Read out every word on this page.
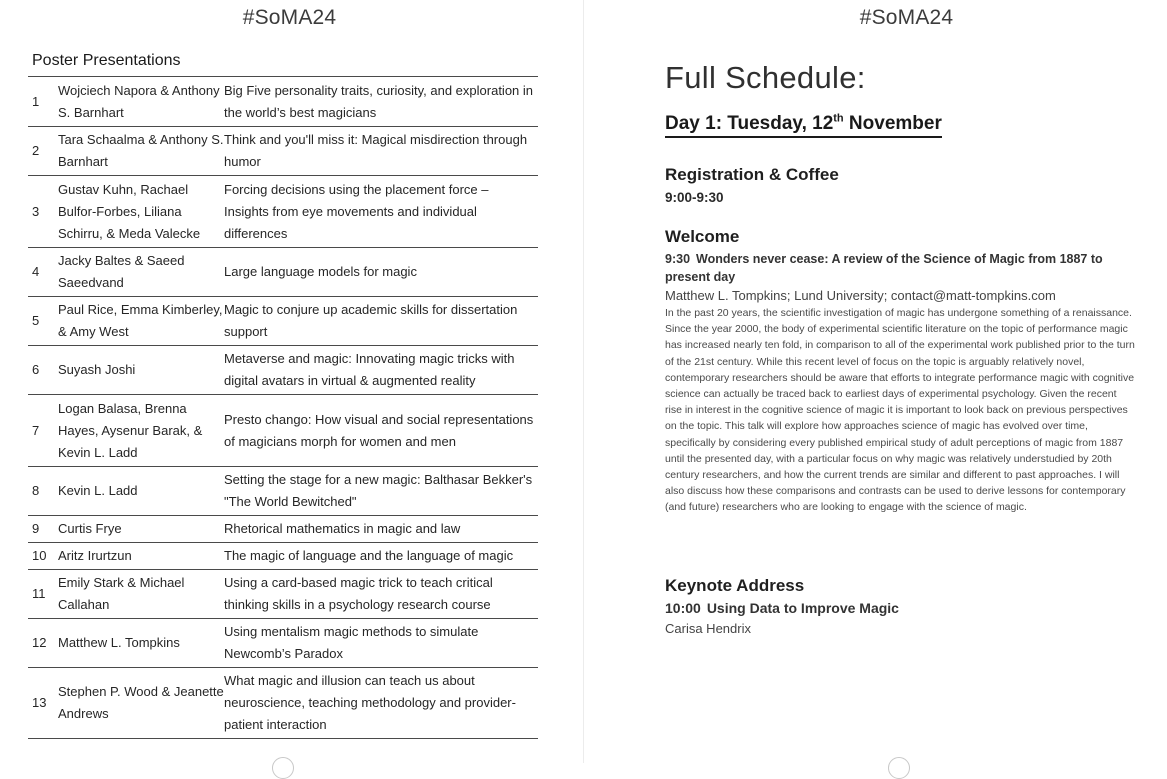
#SoMA24
Poster Presentations
1	Wojciech Napora & Anthony S. Barnhart	Big Five personality traits, curiosity, and exploration in the world’s best magicians
2	Tara Schaalma & Anthony S. Barnhart	Think and you'll miss it: Magical misdirection through humor
3	Gustav Kuhn, Rachael Bulfor-Forbes, Liliana Schirru, & Meda Valecke	Forcing decisions using the placement force – Insights from eye movements and individual differences
4	Jacky Baltes & Saeed Saeedvand	Large language models for magic
5	Paul Rice, Emma Kimberley, & Amy West	Magic to conjure up academic skills for dissertation support
6	Suyash Joshi	Metaverse and magic: Innovating magic tricks with digital avatars in virtual & augmented reality
7	Logan Balasa, Brenna Hayes, Aysenur Barak, & Kevin L. Ladd	Presto chango: How visual and social representations of magicians morph for women and men
8	Kevin L. Ladd	Setting the stage for a new magic: Balthasar Bekker's "The World Bewitched"
9	Curtis Frye	Rhetorical mathematics in magic and law
10	Aritz Irurtzun	The magic of language and the language of magic
11	Emily Stark & Michael Callahan	Using a card-based magic trick to teach critical thinking skills in a psychology research course
12	Matthew L. Tompkins	Using mentalism magic methods to simulate Newcomb’s Paradox
13	Stephen P. Wood & Jeanette Andrews	What magic and illusion can teach us about neuroscience, teaching methodology and provider-patient interaction
#SoMA24
Full Schedule:
Day 1: Tuesday, 12th November
Registration & Coffee
9:00-9:30
Welcome
9:30 Wonders never cease: A review of the Science of Magic from 1887 to present day
Matthew L. Tompkins; Lund University; contact@matt-tompkins.com
In the past 20 years, the scientific investigation of magic has undergone something of a renaissance. Since the year 2000, the body of experimental scientific literature on the topic of performance magic has increased nearly ten fold, in comparison to all of the experimental work published prior to the turn of the 21st century. While this recent level of focus on the topic is arguably relatively novel, contemporary researchers should be aware that efforts to integrate performance magic with cognitive science can actually be traced back to earliest days of experimental psychology. Given the recent rise in interest in the cognitive science of magic it is important to look back on previous perspectives on the topic. This talk will explore how approaches science of magic has evolved over time, specifically by considering every published empirical study of adult perceptions of magic from 1887 until the presented day, with a particular focus on why magic was relatively understudied by 20th century researchers, and how the current trends are similar and different to past approaches. I will also discuss how these comparisons and contrasts can be used to derive lessons for contemporary (and future) researchers who are looking to engage with the science of magic.
Keynote Address
10:00 Using Data to Improve Magic
Carisa Hendrix
